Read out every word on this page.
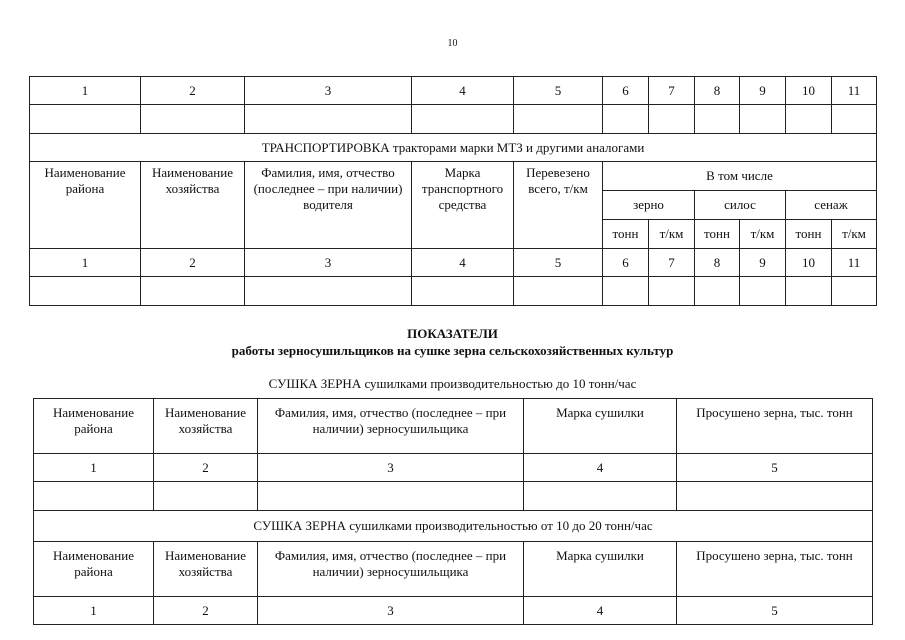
10
1	2	3	4	5	6	7	8	9	10	11

ТРАНСПОРТИРОВКА тракторами марки МТЗ и другими аналогами										
Наименование района	Наименование хозяйства	Фамилия, имя, отчество (последнее – при наличии) водителя	Марка транспортного средства	Перевезено всего, т/км	В том числе					
					зерно		силос		сенаж	
					тонн	т/км	тонн	т/км	тонн	т/км
1	2	3	4	5	6	7	8	9	10	11

ПОКАЗАТЕЛИ
работы зерносушильщиков на сушке зерна сельскохозяйственных культур
СУШКА ЗЕРНА сушилками производительностью до 10 тонн/час
Наименование района	Наименование хозяйства	Фамилия, имя, отчество (последнее – при наличии) зерносушильщика	Марка сушилки	Просушено зерна, тыс. тонн
1	2	3	4	5

СУШКА ЗЕРНА сушилками производительностью от 10 до 20 тонн/час				
Наименование района	Наименование хозяйства	Фамилия, имя, отчество (последнее – при наличии) зерносушильщика	Марка сушилки	Просушено зерна, тыс. тонн
1	2	3	4	5
